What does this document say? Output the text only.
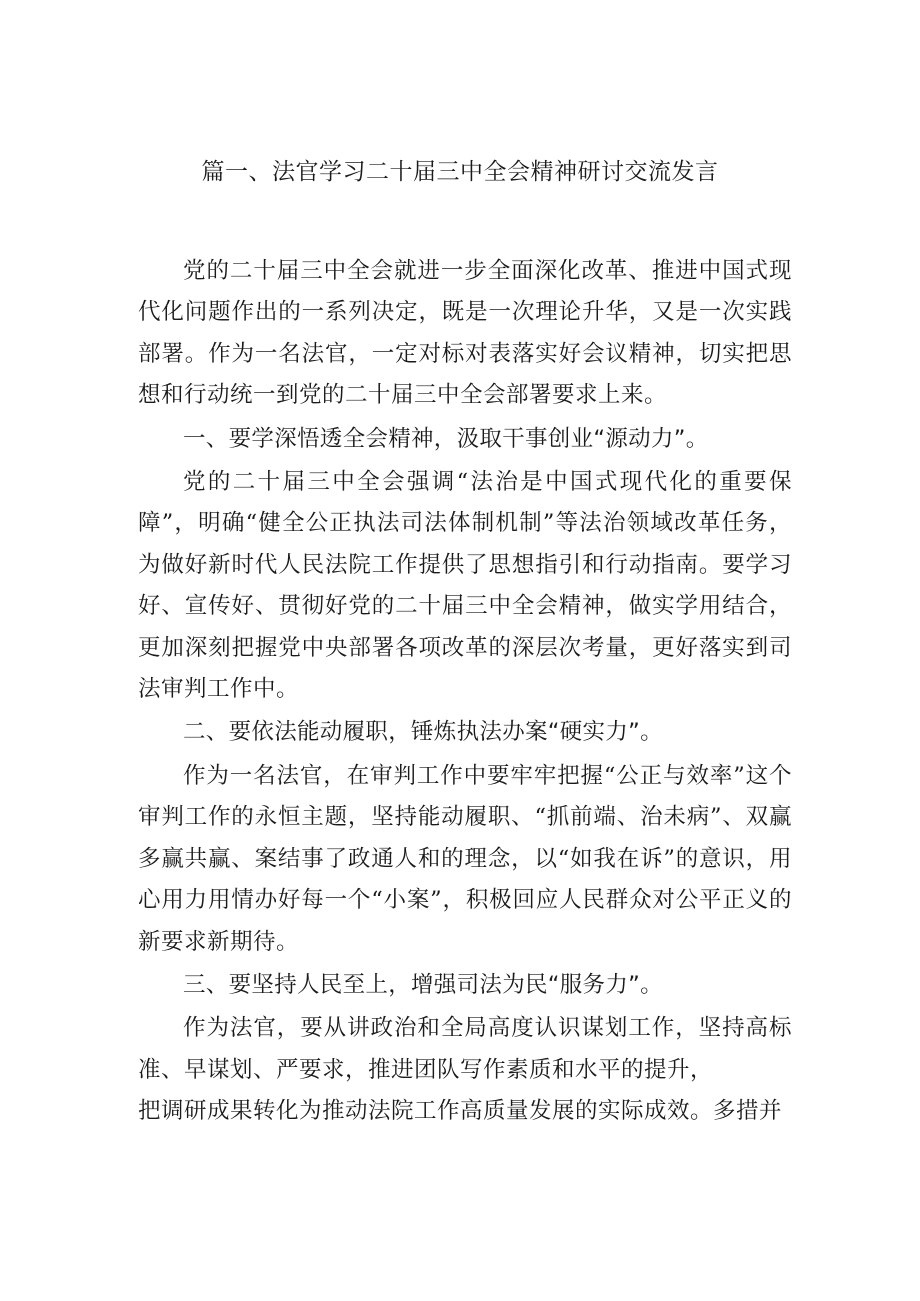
篇一、法官学习二十届三中全会精神研讨交流发言

党的二十届三中全会就进一步全面深化改革、推进中国式现代化问题作出的一系列决定，既是一次理论升华，又是一次实践部署。作为一名法官，一定对标对表落实好会议精神，切实把思想和行动统一到党的二十届三中全会部署要求上来。

一、要学深悟透全会精神，汲取干事创业“源动力”。

党的二十届三中全会强调“法治是中国式现代化的重要保障”，明确“健全公正执法司法体制机制”等法治领域改革任务，为做好新时代人民法院工作提供了思想指引和行动指南。要学习好、宣传好、贯彻好党的二十届三中全会精神，做实学用结合，更加深刻把握党中央部署各项改革的深层次考量，更好落实到司法审判工作中。

二、要依法能动履职，锤炼执法办案“硬实力”。

作为一名法官，在审判工作中要牢牢把握“公正与效率”这个审判工作的永恒主题，坚持能动履职、“抓前端、治未病”、双赢多赢共赢、案结事了政通人和的理念，以“如我在诉”的意识，用心用力用情办好每一个“小案”，积极回应人民群众对公平正义的新要求新期待。

三、要坚持人民至上，增强司法为民“服务力”。

作为法官，要从讲政治和全局高度认识谋划工作，坚持高标准、早谋划、严要求，推进团队写作素质和水平的提升，

把调研成果转化为推动法院工作高质量发展的实际成效。多措并
